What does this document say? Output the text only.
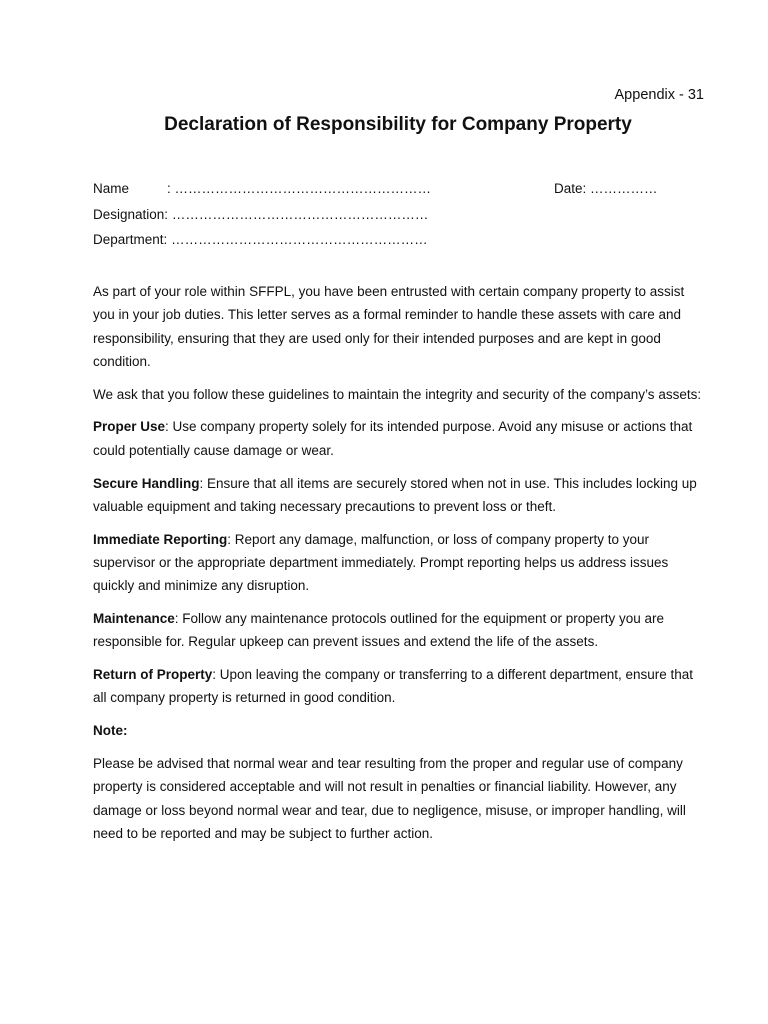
Appendix - 31
Declaration of Responsibility for Company Property
Name	: …………………………………………………	Date: ……………
Designation: …………………………………………………
Department: …………………………………………………

As part of your role within SFFPL, you have been entrusted with certain company property to assist you in your job duties. This letter serves as a formal reminder to handle these assets with care and responsibility, ensuring that they are used only for their intended purposes and are kept in good condition.

We ask that you follow these guidelines to maintain the integrity and security of the company’s assets:

Proper Use: Use company property solely for its intended purpose. Avoid any misuse or actions that could potentially cause damage or wear.

Secure Handling: Ensure that all items are securely stored when not in use. This includes locking up valuable equipment and taking necessary precautions to prevent loss or theft.

Immediate Reporting: Report any damage, malfunction, or loss of company property to your supervisor or the appropriate department immediately. Prompt reporting helps us address issues quickly and minimize any disruption.

Maintenance: Follow any maintenance protocols outlined for the equipment or property you are responsible for. Regular upkeep can prevent issues and extend the life of the assets.

Return of Property: Upon leaving the company or transferring to a different department, ensure that all company property is returned in good condition.

Note:

Please be advised that normal wear and tear resulting from the proper and regular use of company property is considered acceptable and will not result in penalties or financial liability. However, any damage or loss beyond normal wear and tear, due to negligence, misuse, or improper handling, will need to be reported and may be subject to further action.
